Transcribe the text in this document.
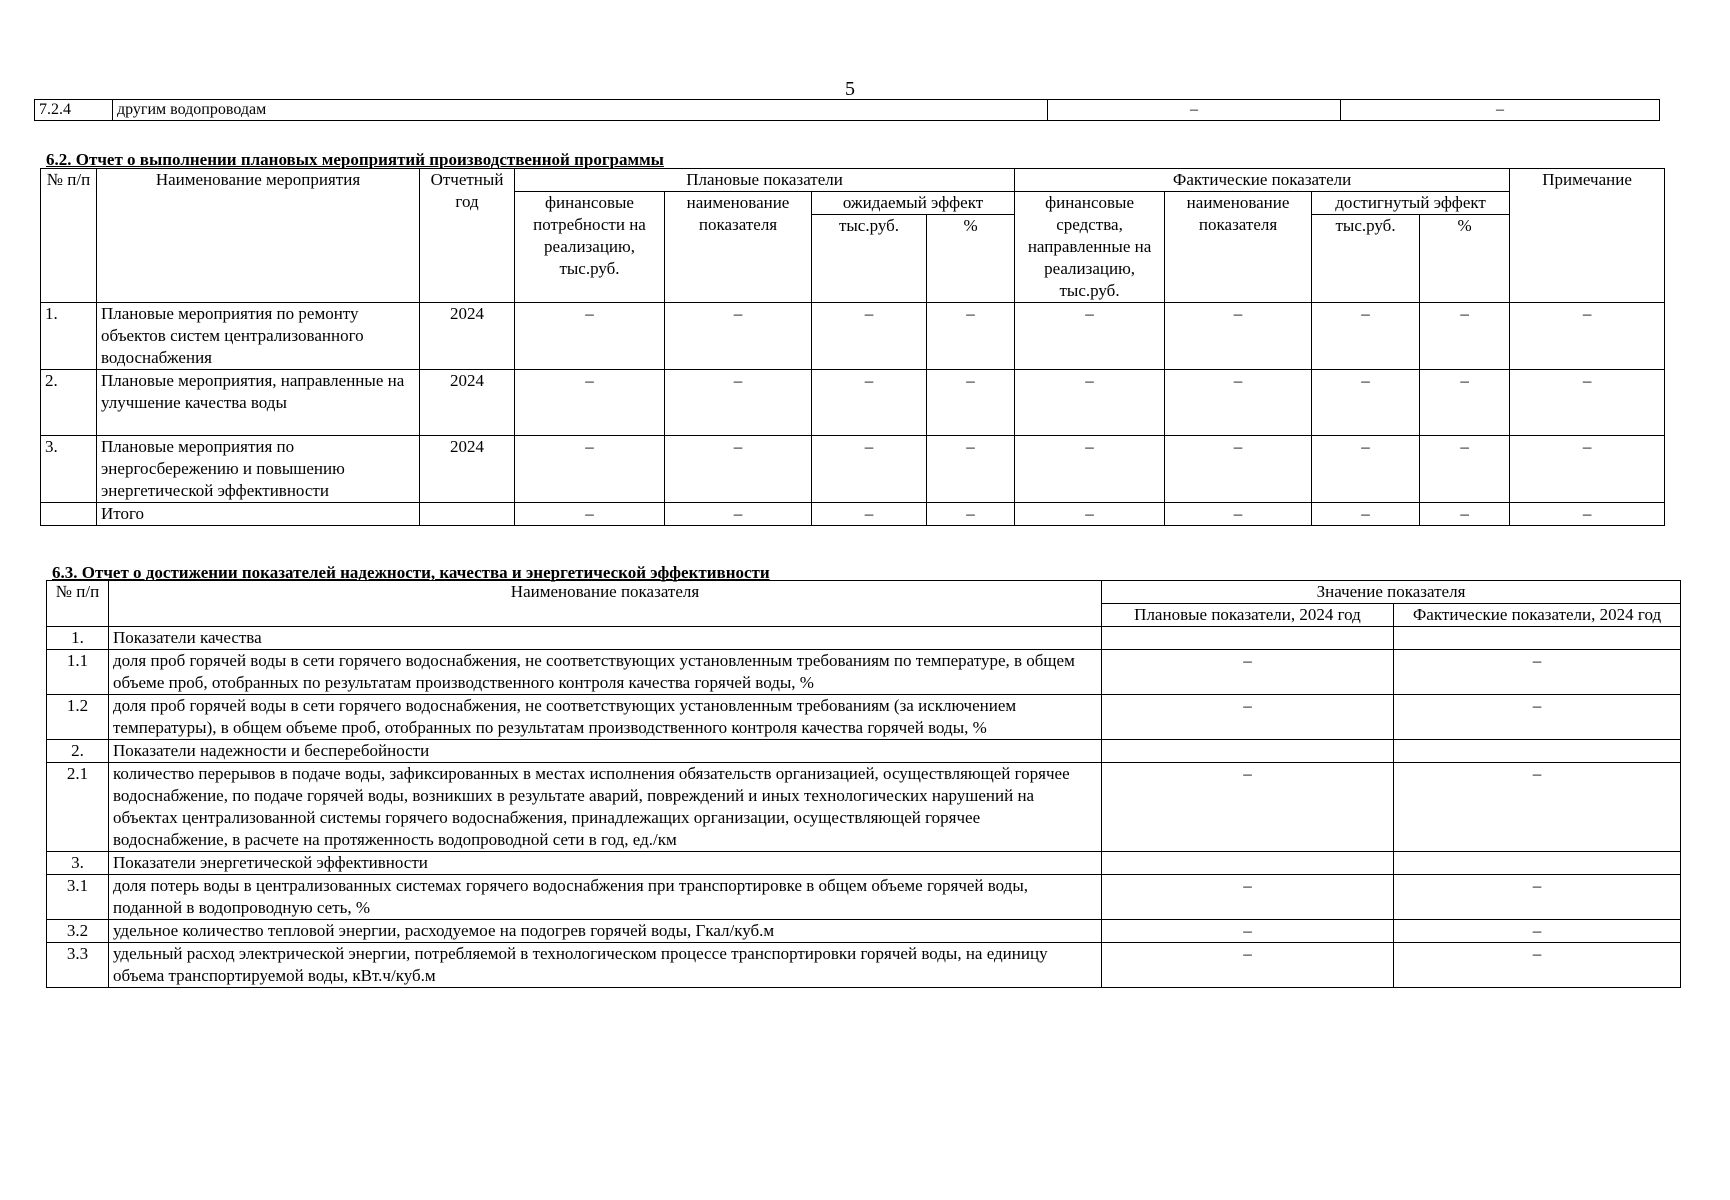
5
7.2.4	другим водопроводам	–	–
6.2. Отчет о выполнении плановых мероприятий производственной программы
№ п/п	Наименование мероприятия	Отчетный год	Плановые показатели				Фактические показатели				Примечание
			финансовые потребности на реализацию, тыс.руб.	наименование показателя	ожидаемый эффект		финансовые средства, направленные на реализацию, тыс.руб.	наименование показателя	достигнутый эффект		
					тыс.руб.	%			тыс.руб.	%	
1.	Плановые мероприятия по ремонту объектов систем централизованного водоснабжения	2024	–	–	–	–	–	–	–	–	–
2.	Плановые мероприятия, направленные на улучшение качества воды	2024	–	–	–	–	–	–	–	–	–
3.	Плановые мероприятия по энергосбережению и повышению энергетической эффективности	2024	–	–	–	–	–	–	–	–	–
	Итого		–	–	–	–	–	–	–	–	–
6.3. Отчет о достижении показателей надежности, качества и энергетической эффективности
№ п/п	Наименование показателя	Значение показателя	
		Плановые показатели, 2024 год	Фактические показатели, 2024 год
1.	Показатели качества		
1.1	доля проб горячей воды в сети горячего водоснабжения, не соответствующих установленным требованиям по температуре, в общем объеме проб, отобранных по результатам производственного контроля качества горячей воды, %	–	–
1.2	доля проб горячей воды в сети горячего водоснабжения, не соответствующих установленным требованиям (за исключением температуры), в общем объеме проб, отобранных по результатам производственного контроля качества горячей воды, %	–	–
2.	Показатели надежности и бесперебойности		
2.1	количество перерывов в подаче воды, зафиксированных в местах исполнения обязательств организацией, осуществляющей горячее водоснабжение, по подаче горячей воды, возникших в результате аварий, повреждений и иных технологических нарушений на объектах централизованной системы горячего водоснабжения, принадлежащих организации, осуществляющей горячее водоснабжение, в расчете на протяженность водопроводной сети в год, ед./км	–	–
3.	Показатели энергетической эффективности		
3.1	доля потерь воды в централизованных системах горячего водоснабжения при транспортировке в общем объеме горячей воды, поданной в водопроводную сеть, %	–	–
3.2	удельное количество тепловой энергии, расходуемое на подогрев горячей воды, Гкал/куб.м	–	–
3.3	удельный расход электрической энергии, потребляемой в технологическом процессе транспортировки горячей воды, на единицу объема транспортируемой воды, кВт.ч/куб.м	–	–
